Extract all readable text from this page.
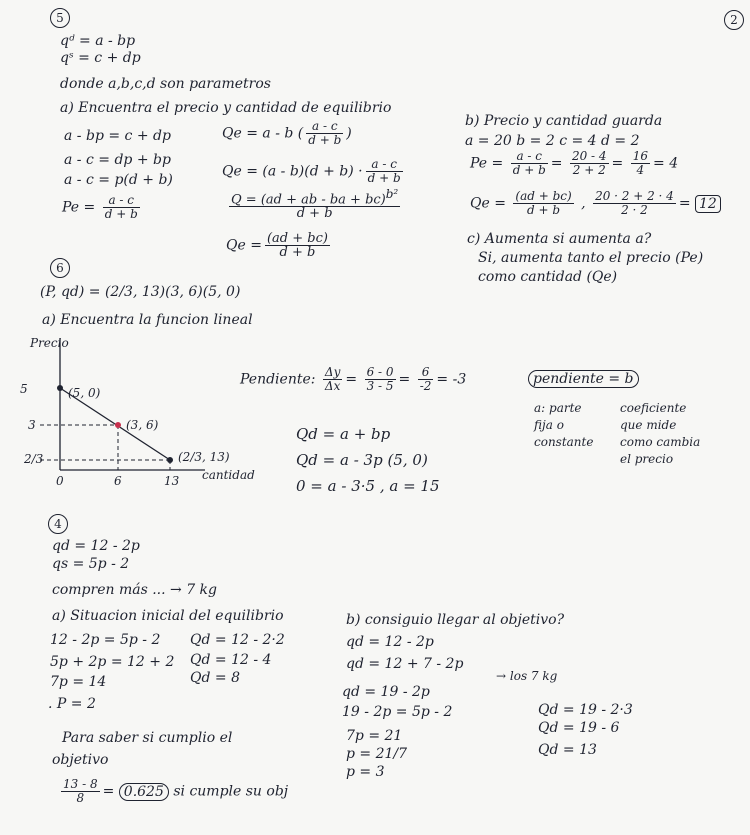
5	2
qᵈ = a - bp
qˢ = c + dp
donde a,b,c,d son parametros
a) Encuentra el precio y cantidad de equilibrio
a - bp = c + dp
a - c = dp + bp
a - c = p(d + b)
$Pe = \frac{a - c}{d + b}$
Qe = a - b ( $\frac{a - c}{d + b}$ )
$Qe = (a - b)(d + b) \cdot \frac{a - c}{d + b}$
$\frac{Q = (ad + ab - ba + bc)^{b^2}}{d + b}$
$Qe = \frac{(ad + bc)}{d + b}$
b) Precio y cantidad guarda
a = 20 b = 2 c = 4 d = 2
$Pe = \frac{a - c}{d + b} = \frac{20 - 4}{2 + 2} = \frac{16}{4} = 4$
$Qe = \frac{(ad + bc)}{d + b}$ , $\frac{20 \cdot 2 + 2 \cdot 4}{2 \cdot 2} = 12$
c) Aumenta si aumenta a?
Si, aumenta tanto el precio (Pe)
como cantidad (Qe)
6
(P, qd) = (2/3, 13)(3, 6)(5, 0)
a) Encuentra la funcion lineal
Precio
5
3
2/3
0	6	13 cantidad
(5, 0)
(3, 6)
(2/3, 13)
Pendiente: $\frac{\Delta y}{\Delta x} = \frac{6 - 0}{3 - 5} = \frac{6}{-2} = -3$	pendiente = b
a: parte
fija o
constante
coeficiente
que mide
como cambia
el precio
Qd = a + bp
Qd = a - 3p (5, 0)
0 = a - 3·5 , a = 15
4
qd = 12 - 2p
qs = 5p - 2
compren más ... → 7 kg
a) Situacion inicial del equilibrio
12 - 2p = 5p - 2
5p + 2p = 12 + 2
7p = 14
. P = 2
Qd = 12 - 2·2
Qd = 12 - 4
Qd = 8
Para saber si cumplio el
objetivo
$\frac{13 - 8}{8} = 0.625$ si cumple su obj
b) consiguio llegar al objetivo?
qd = 12 - 2p
qd = 12 + 7 - 2p
→ los 7 kg
qd = 19 - 2p
19 - 2p = 5p - 2
7p = 21
p = 21/7
p = 3
Qd = 19 - 2·3
Qd = 19 - 6
Qd = 13
